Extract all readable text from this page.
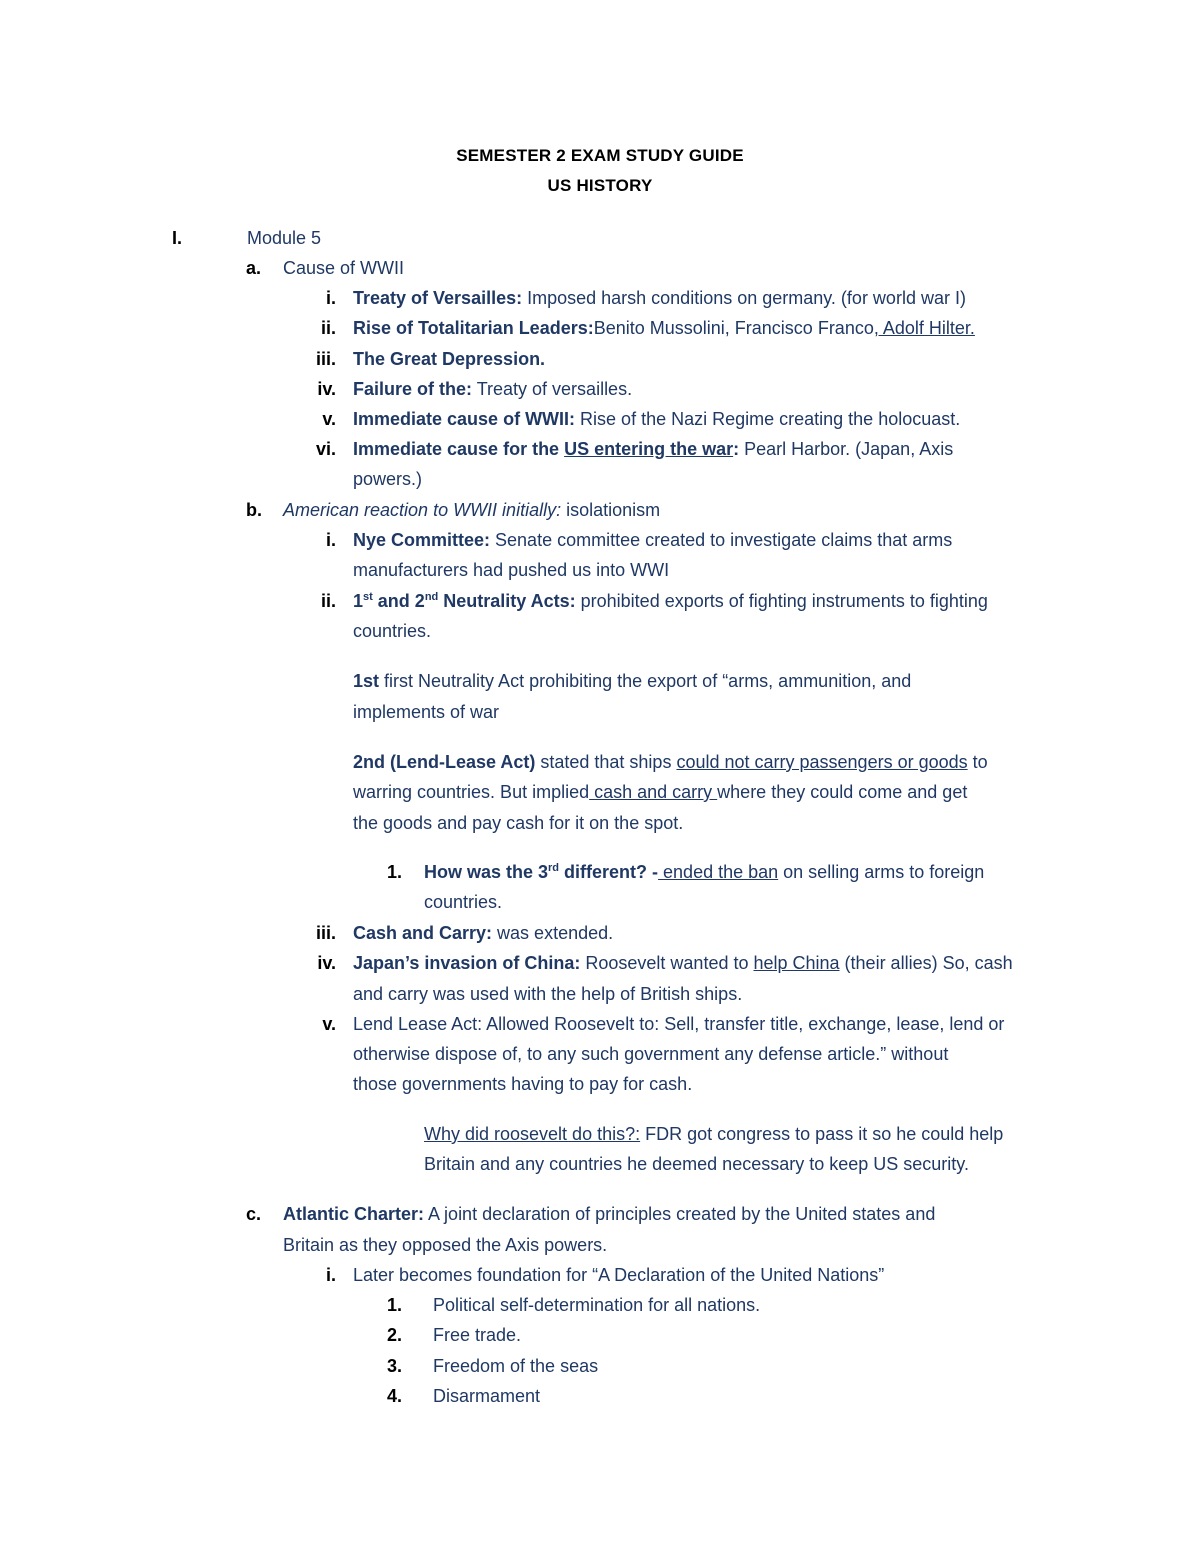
SEMESTER 2 EXAM STUDY GUIDE
US HISTORY
I.	Module 5
a. Cause of WWII
i. Treaty of Versailles: Imposed harsh conditions on germany. (for world war I)
ii. Rise of Totalitarian Leaders:Benito Mussolini, Francisco Franco, Adolf Hilter.
iii. The Great Depression.
iv. Failure of the: Treaty of versailles.
v. Immediate cause of WWII: Rise of the Nazi Regime creating the holocuast.
vi. Immediate cause for the US entering the war: Pearl Harbor. (Japan, Axis
powers.)
b. American reaction to WWII initially: isolationism
i. Nye Committee: Senate committee created to investigate claims that arms
manufacturers had pushed us into WWI
ii. 1st and 2nd Neutrality Acts: prohibited exports of fighting instruments to fighting
countries.
1st first Neutrality Act prohibiting the export of “arms, ammunition, and
implements of war
2nd (Lend-Lease Act) stated that ships could not carry passengers or goods to
warring countries. But implied cash and carry where they could come and get
the goods and pay cash for it on the spot.
1. How was the 3rd different? - ended the ban on selling arms to foreign
countries.
iii. Cash and Carry: was extended.
iv. Japan’s invasion of China: Roosevelt wanted to help China (their allies) So, cash
and carry was used with the help of British ships.
v. Lend Lease Act: Allowed Roosevelt to: Sell, transfer title, exchange, lease, lend or
otherwise dispose of, to any such government any defense article.” without
those governments having to pay for cash.
Why did roosevelt do this?: FDR got congress to pass it so he could help
Britain and any countries he deemed necessary to keep US security.
c. Atlantic Charter: A joint declaration of principles created by the United states and
Britain as they opposed the Axis powers.
i. Later becomes foundation for “A Declaration of the United Nations”
1. Political self-determination for all nations.
2. Free trade.
3. Freedom of the seas
4. Disarmament
